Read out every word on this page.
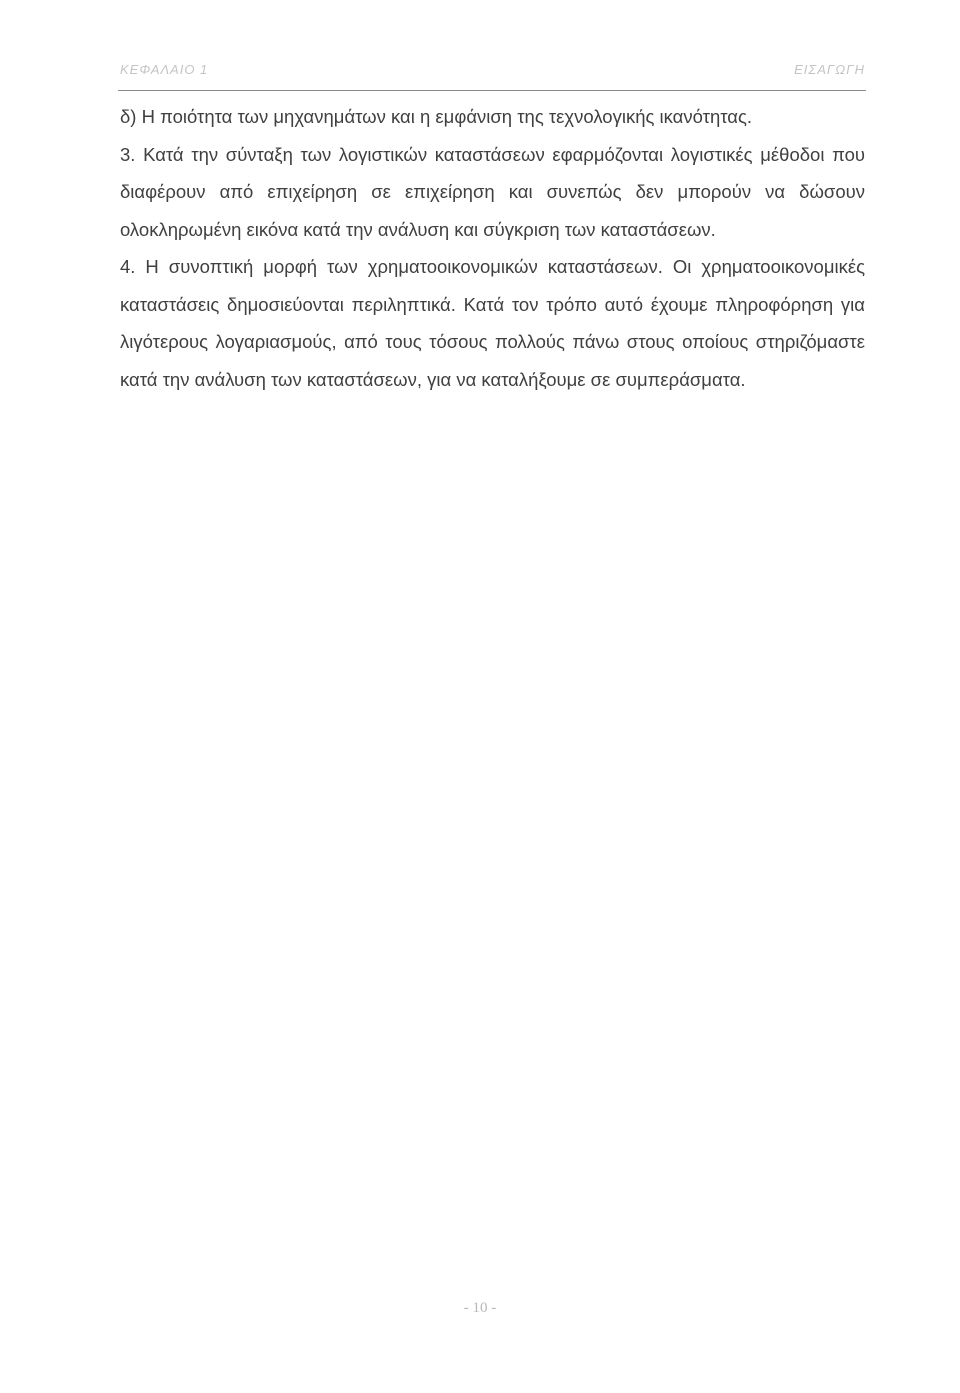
ΚΕΦΑΛΑΙΟ 1	ΕΙΣΑΓΩΓΗ

δ) Η ποιότητα των μηχανημάτων και η εμφάνιση της τεχνολογικής ικανότητας.

3. Κατά την σύνταξη των λογιστικών καταστάσεων εφαρμόζονται λογιστικές μέθοδοι που διαφέρουν από επιχείρηση σε επιχείρηση και συνεπώς δεν μπορούν να δώσουν ολοκληρωμένη εικόνα κατά την ανάλυση και σύγκριση των καταστάσεων.

4. Η συνοπτική μορφή των χρηματοοικονομικών καταστάσεων. Οι χρηματοοικονομικές καταστάσεις δημοσιεύονται περιληπτικά. Κατά τον τρόπο αυτό έχουμε πληροφόρηση για λιγότερους λογαριασμούς, από τους τόσους πολλούς πάνω στους οποίους στηριζόμαστε κατά την ανάλυση των καταστάσεων, για να καταλήξουμε σε συμπεράσματα.

- 10 -
